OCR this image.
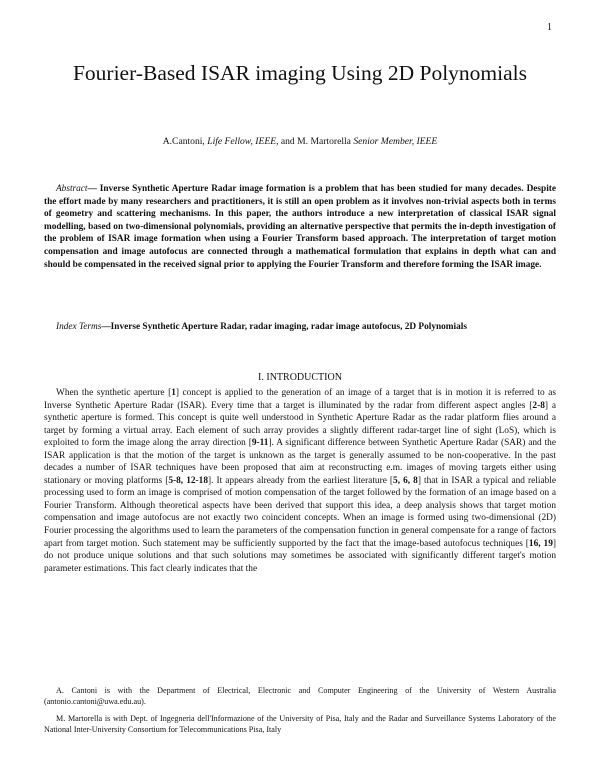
1
Fourier-Based ISAR imaging Using 2D Polynomials
A.Cantoni, Life Fellow, IEEE, and M. Martorella Senior Member, IEEE

Abstract— Inverse Synthetic Aperture Radar image formation is a problem that has been studied for many decades. Despite the effort made by many researchers and practitioners, it is still an open problem as it involves non-trivial aspects both in terms of geometry and scattering mechanisms. In this paper, the authors introduce a new interpretation of classical ISAR signal modelling, based on two-dimensional polynomials, providing an alternative perspective that permits the in-depth investigation of the problem of ISAR image formation when using a Fourier Transform based approach. The interpretation of target motion compensation and image autofocus are connected through a mathematical formulation that explains in depth what can and should be compensated in the received signal prior to applying the Fourier Transform and therefore forming the ISAR image.

Index Terms—Inverse Synthetic Aperture Radar, radar imaging, radar image autofocus, 2D Polynomials

I. INTRODUCTION

When the synthetic aperture [1] concept is applied to the generation of an image of a target that is in motion it is referred to as Inverse Synthetic Aperture Radar (ISAR). Every time that a target is illuminated by the radar from different aspect angles [2-8] a synthetic aperture is formed. This concept is quite well understood in Synthetic Aperture Radar as the radar platform flies around a target by forming a virtual array. Each element of such array provides a slightly different radar-target line of sight (LoS), which is exploited to form the image along the array direction [9-11]. A significant difference between Synthetic Aperture Radar (SAR) and the ISAR application is that the motion of the target is unknown as the target is generally assumed to be non-cooperative. In the past decades a number of ISAR techniques have been proposed that aim at reconstructing e.m. images of moving targets either using stationary or moving platforms [5-8, 12-18]. It appears already from the earliest literature [5, 6, 8] that in ISAR a typical and reliable processing used to form an image is comprised of motion compensation of the target followed by the formation of an image based on a Fourier Transform. Although theoretical aspects have been derived that support this idea, a deep analysis shows that target motion compensation and image autofocus are not exactly two coincident concepts. When an image is formed using two-dimensional (2D) Fourier processing the algorithms used to learn the parameters of the compensation function in general compensate for a range of factors apart from target motion. Such statement may be sufficiently supported by the fact that the image-based autofocus techniques [16, 19] do not produce unique solutions and that such solutions may sometimes be associated with significantly different target's motion parameter estimations. This fact clearly indicates that the

A. Cantoni is with the Department of Electrical, Electronic and Computer Engineering of the University of Western Australia (antonio.cantoni@uwa.edu.au).

M. Martorella is with Dept. of Ingegneria dell'Informazione of the University of Pisa, Italy and the Radar and Surveillance Systems Laboratory of the National Inter-University Consortium for Telecommunications Pisa, Italy
